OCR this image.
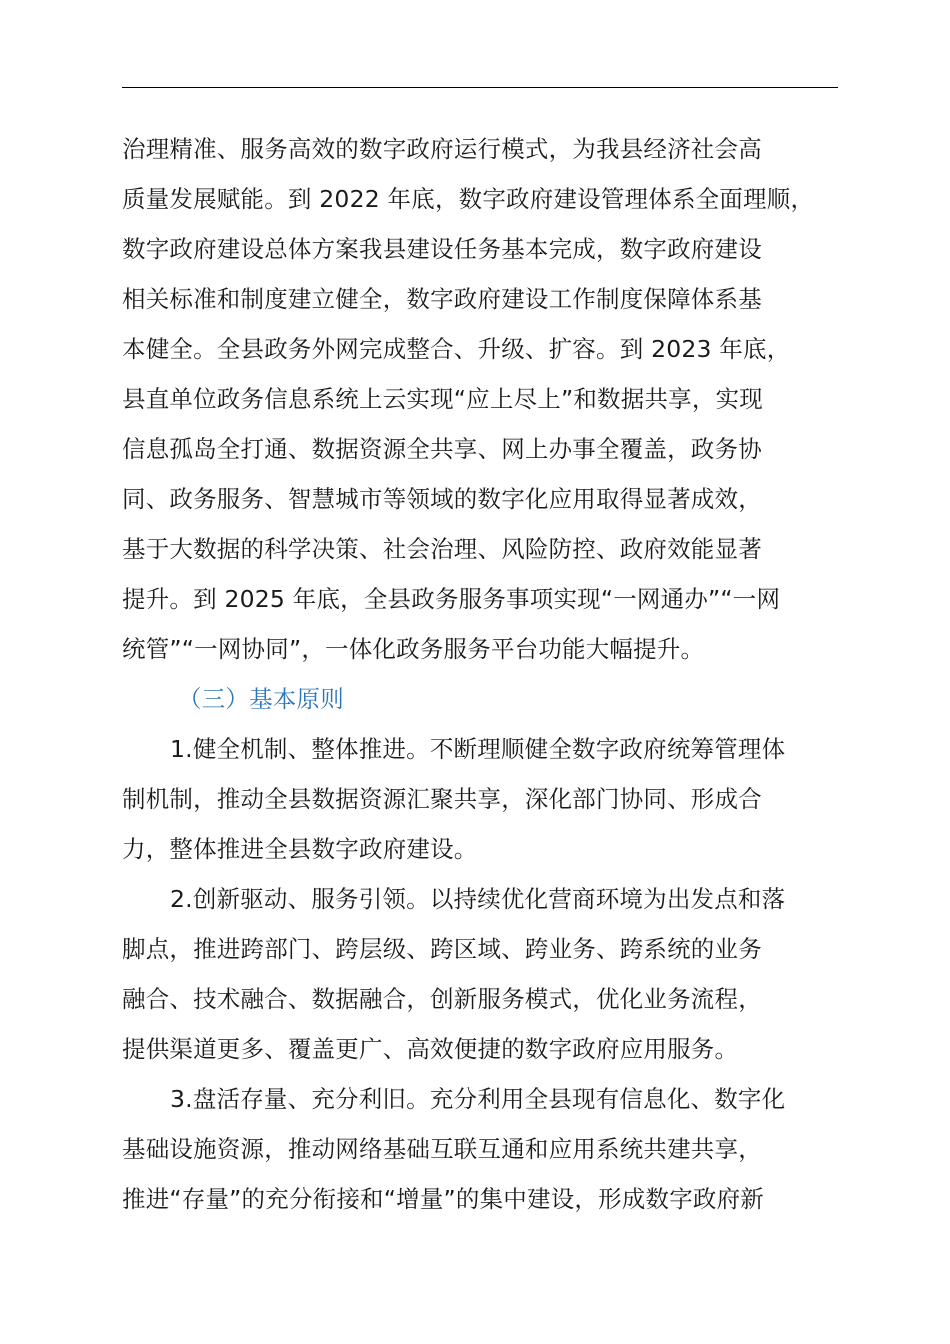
治理精准、服务高效的数字政府运行模式，为我县经济社会高

质量发展赋能。到 2022 年底，数字政府建设管理体系全面理顺，

数字政府建设总体方案我县建设任务基本完成，数字政府建设

相关标准和制度建立健全，数字政府建设工作制度保障体系基

本健全。全县政务外网完成整合、升级、扩容。到 2023 年底，

县直单位政务信息系统上云实现“应上尽上”和数据共享，实现

信息孤岛全打通、数据资源全共享、网上办事全覆盖，政务协

同、政务服务、智慧城市等领域的数字化应用取得显著成效，

基于大数据的科学决策、社会治理、风险防控、政府效能显著

提升。到 2025 年底，全县政务服务事项实现“一网通办”“一网

统管”“一网协同”，一体化政务服务平台功能大幅提升。

（三）基本原则

1.健全机制、整体推进。不断理顺健全数字政府统筹管理体

制机制，推动全县数据资源汇聚共享，深化部门协同、形成合

力，整体推进全县数字政府建设。

2.创新驱动、服务引领。以持续优化营商环境为出发点和落

脚点，推进跨部门、跨层级、跨区域、跨业务、跨系统的业务

融合、技术融合、数据融合，创新服务模式，优化业务流程，

提供渠道更多、覆盖更广、高效便捷的数字政府应用服务。

3.盘活存量、充分利旧。充分利用全县现有信息化、数字化

基础设施资源，推动网络基础互联互通和应用系统共建共享，

推进“存量”的充分衔接和“增量”的集中建设，形成数字政府新
